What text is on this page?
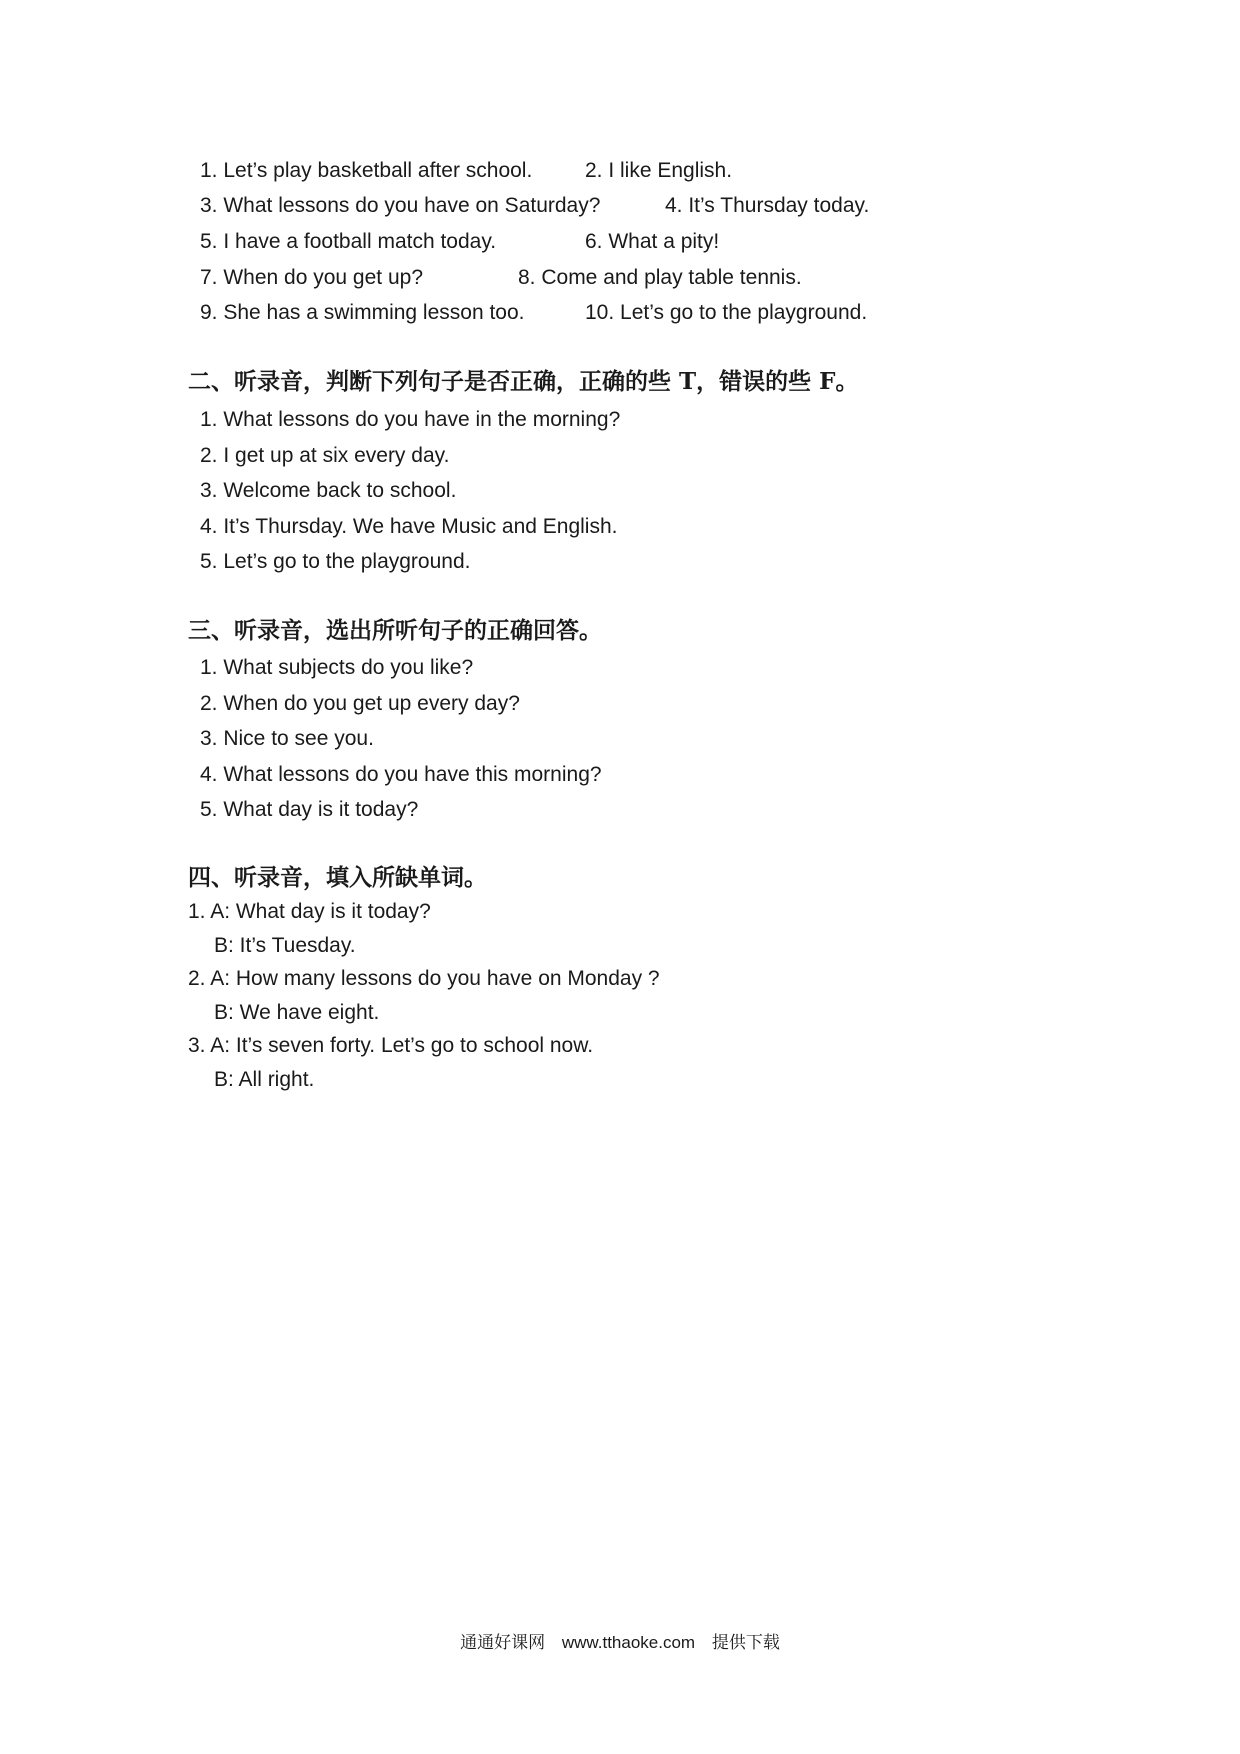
1. Let’s play basketball after school.	2. I like English.
3. What lessons do you have on Saturday?	4. It’s Thursday today.
5. I have a football match today.	6. What a pity!
7. When do you get up?	8. Come and play table tennis.
9. She has a swimming lesson too.	10. Let’s go to the playground.
二、听录音，判断下列句子是否正确，正确的些 T，错误的些 F。
1. What lessons do you have in the morning?
2. I get up at six every day.
3. Welcome back to school.
4. It’s Thursday. We have Music and English.
5. Let’s go to the playground.
三、听录音，选出所听句子的正确回答。
1. What subjects do you like?
2. When do you get up every day?
3. Nice to see you.
4. What lessons do you have this morning?
5. What day is it today?
四、听录音，填入所缺单词。
1. A: What day is it today?
B: It’s Tuesday.
2. A: How many lessons do you have on Monday ?
B: We have eight.
3. A: It’s seven forty. Let’s go to school now.
B: All right.
通通好课网 www.tthaoke.com 提供下载
